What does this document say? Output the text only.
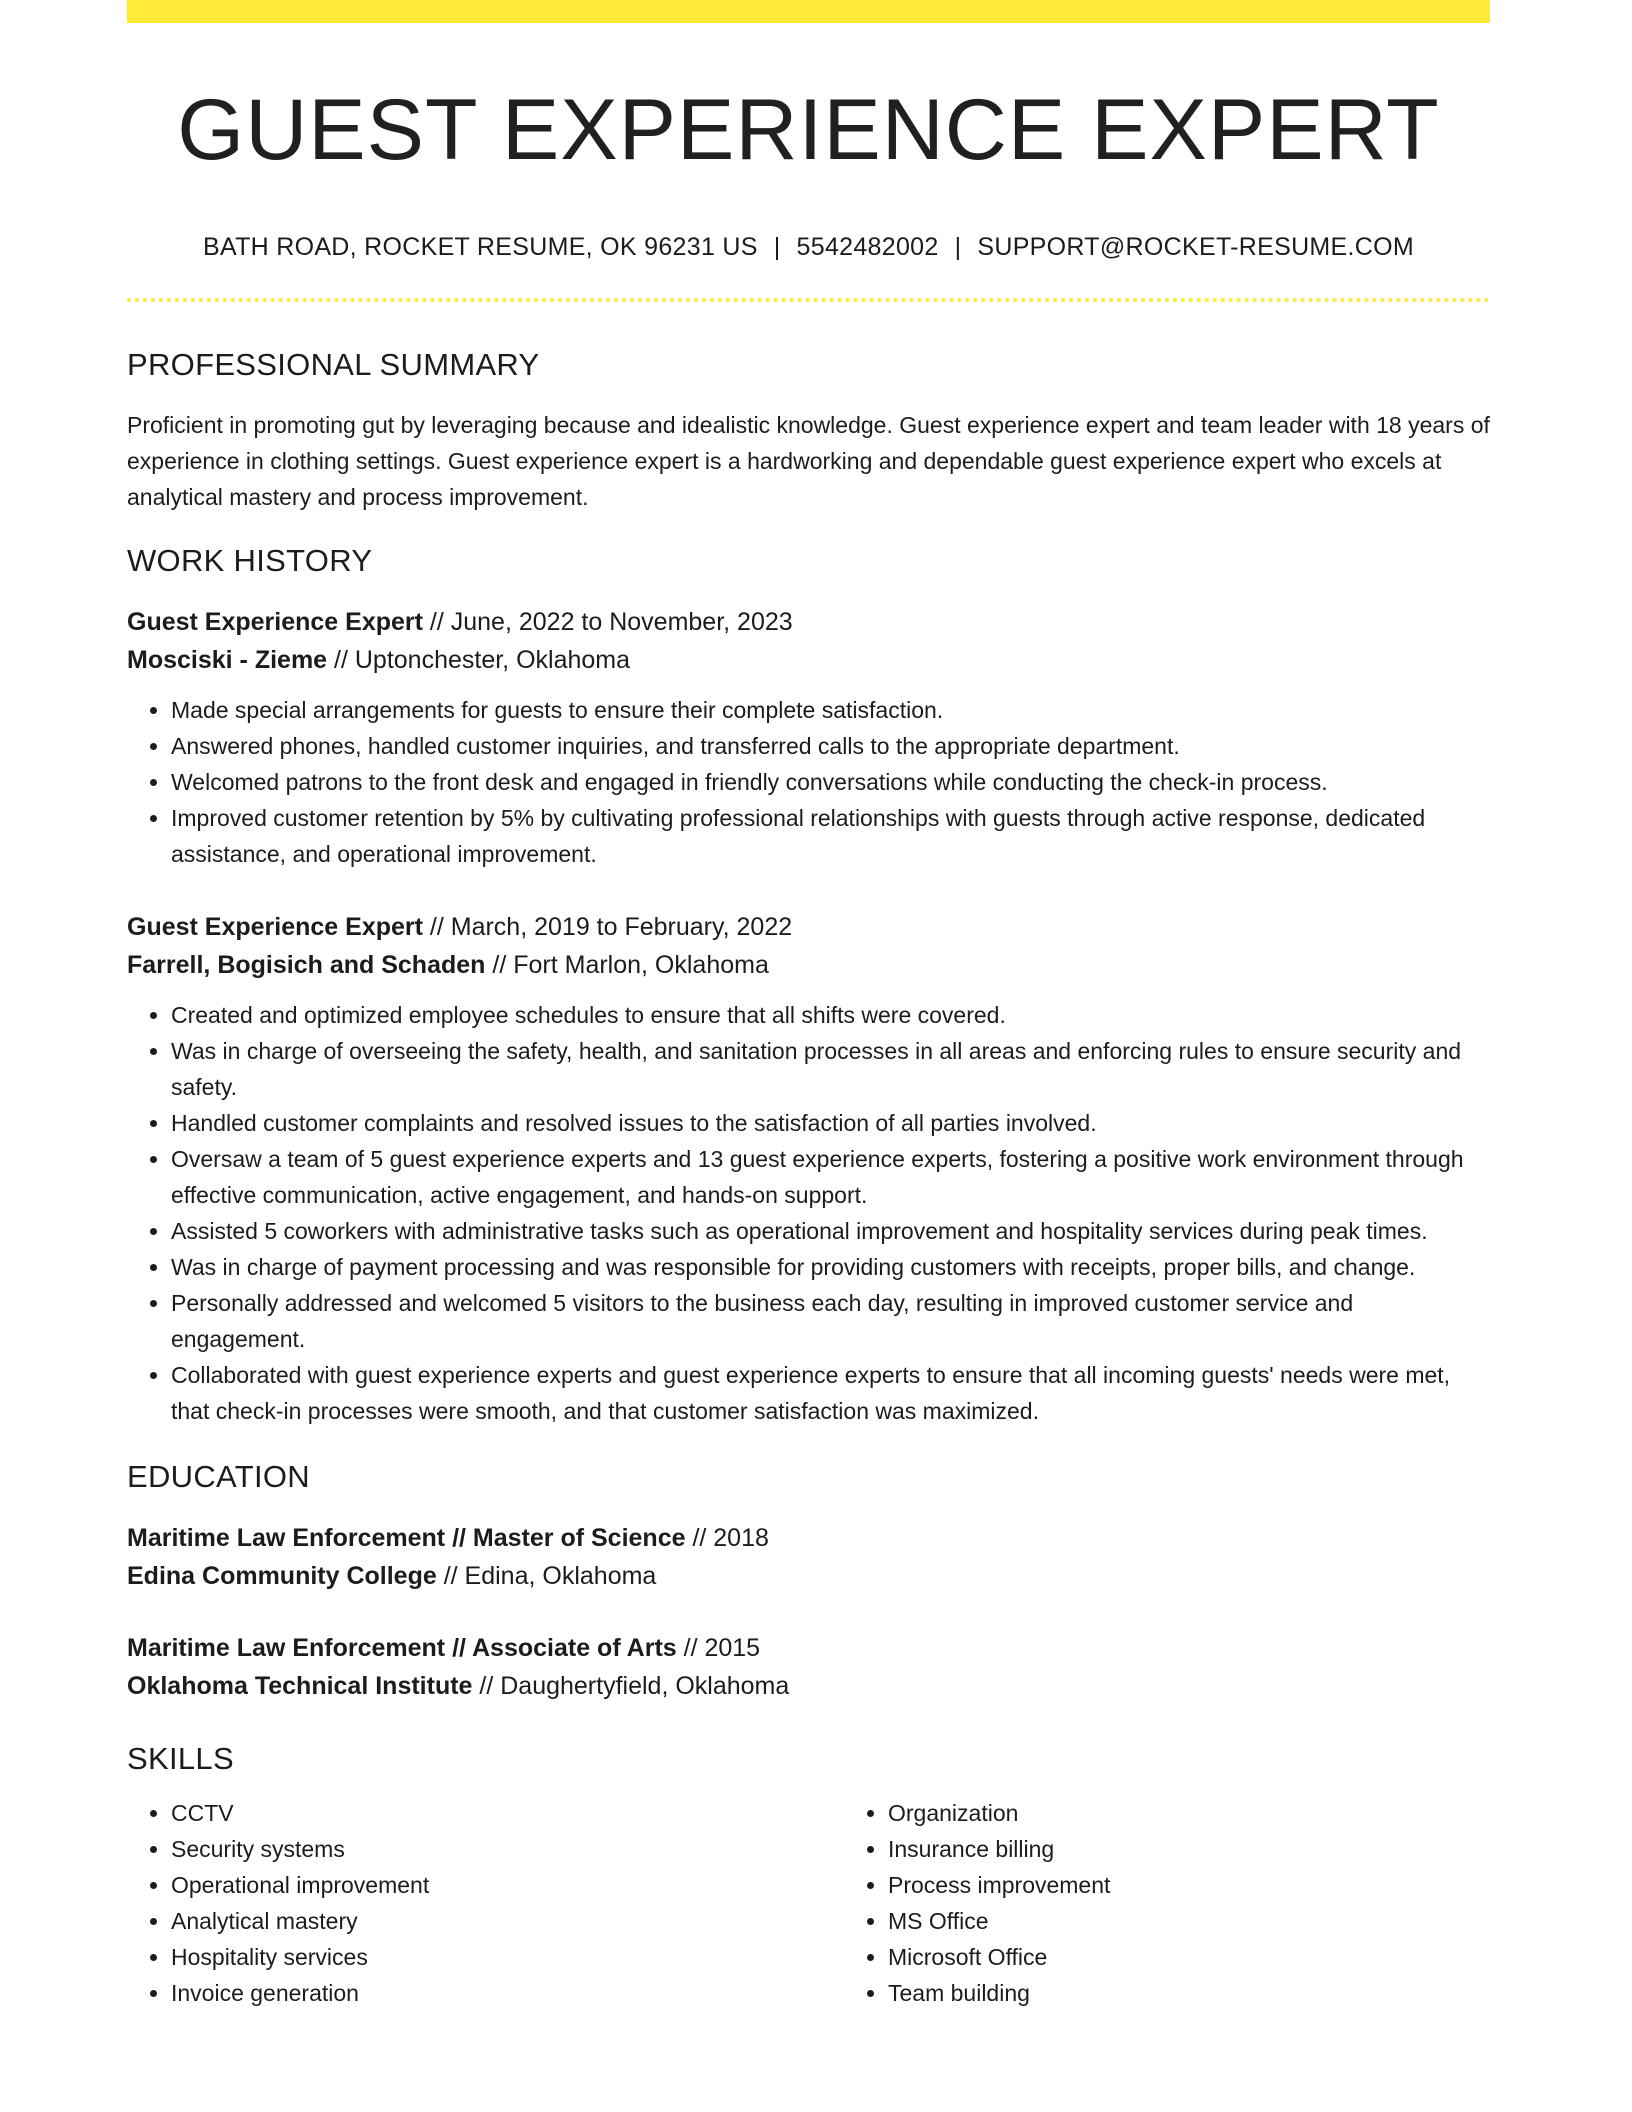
GUEST EXPERIENCE EXPERT
BATH ROAD, ROCKET RESUME, OK 96231 US | 5542482002 | SUPPORT@ROCKET-RESUME.COM
PROFESSIONAL SUMMARY

Proficient in promoting gut by leveraging because and idealistic knowledge. Guest experience expert and team leader with 18 years of experience in clothing settings. Guest experience expert is a hardworking and dependable guest experience expert who excels at analytical mastery and process improvement.

WORK HISTORY
Guest Experience Expert // June, 2022 to November, 2023
Mosciski - Zieme // Uptonchester, Oklahoma
• Made special arrangements for guests to ensure their complete satisfaction.
• Answered phones, handled customer inquiries, and transferred calls to the appropriate department.
• Welcomed patrons to the front desk and engaged in friendly conversations while conducting the check-in process.
• Improved customer retention by 5% by cultivating professional relationships with guests through active response, dedicated assistance, and operational improvement.
Guest Experience Expert // March, 2019 to February, 2022
Farrell, Bogisich and Schaden // Fort Marlon, Oklahoma
• Created and optimized employee schedules to ensure that all shifts were covered.
• Was in charge of overseeing the safety, health, and sanitation processes in all areas and enforcing rules to ensure security and safety.
• Handled customer complaints and resolved issues to the satisfaction of all parties involved.
• Oversaw a team of 5 guest experience experts and 13 guest experience experts, fostering a positive work environment through effective communication, active engagement, and hands-on support.
• Assisted 5 coworkers with administrative tasks such as operational improvement and hospitality services during peak times.
• Was in charge of payment processing and was responsible for providing customers with receipts, proper bills, and change.
• Personally addressed and welcomed 5 visitors to the business each day, resulting in improved customer service and engagement.
• Collaborated with guest experience experts and guest experience experts to ensure that all incoming guests' needs were met, that check-in processes were smooth, and that customer satisfaction was maximized.
EDUCATION
Maritime Law Enforcement // Master of Science // 2018
Edina Community College // Edina, Oklahoma
Maritime Law Enforcement // Associate of Arts // 2015
Oklahoma Technical Institute // Daughertyfield, Oklahoma
SKILLS
• CCTV
• Security systems
• Operational improvement
• Analytical mastery
• Hospitality services
• Invoice generation
• Organization
• Insurance billing
• Process improvement
• MS Office
• Microsoft Office
• Team building
